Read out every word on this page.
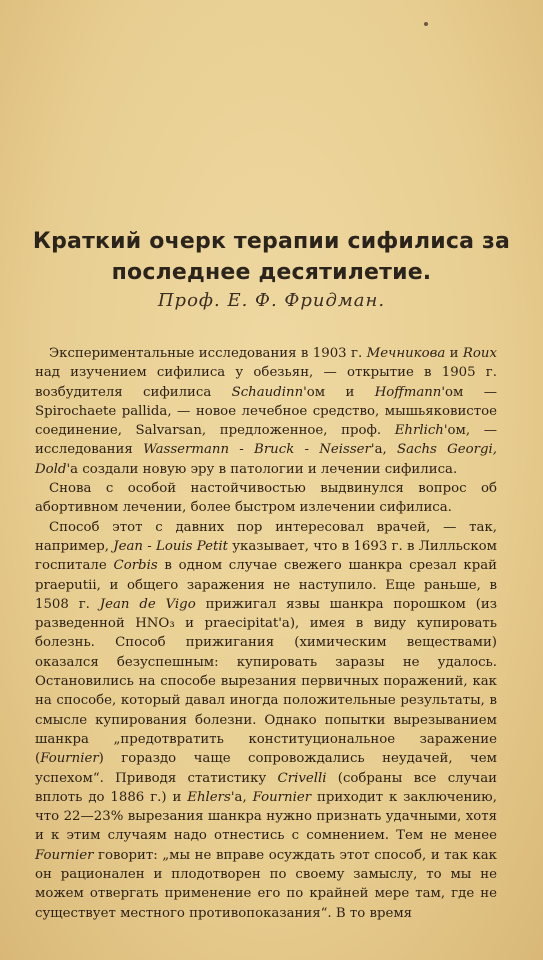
Краткий очерк терапии сифилиса за последнее десятилетие.
Проф. Е. Ф. Фридман.

Экспериментальные исследования в 1903 г. Мечникова и Roux над изучением сифилиса у обезьян, — открытие в 1905 г. возбудителя сифилиса Schaudinn'ом и Hoffmann'ом — Spirochaete pallida, — новое лечебное средство, мышьяковистое соединение, Salvarsan, предложенное, проф. Ehrlich'ом, — исследования Wassermann - Bruck - Neisser'а, Sachs Georgi, Dold'а создали новую эру в патологии и лечении сифилиса.

Снова с особой настойчивостью выдвинулся вопрос об абортивном лечении, более быстром излечении сифилиса.

Способ этот с давних пор интересовал врачей, — так, например, Jean - Louis Petit указывает, что в 1693 г. в Лилльском госпитале Corbis в одном случае свежего шанкра срезал край praeputii, и общего заражения не наступило. Еще раньше, в 1508 г. Jean de Vigo прижигал язвы шанкра порошком (из разведенной HNO₃ и praecipitat'a), имея в виду купировать болезнь. Способ прижигания (химическим веществами) оказался безуспешным: купировать заразы не удалось. Остановились на способе вырезания первичных поражений, как на способе, который давал иногда положительные результаты, в смысле купирования болезни. Однако попытки вырезыванием шанкра „предотвратить конституциональное заражение (Fournier) гораздо чаще сопровождались неудачей, чем успехом“. Приводя статистику Crivelli (собраны все случаи вплоть до 1886 г.) и Ehlers'а, Fournier приходит к заключению, что 22—23% вырезания шанкра нужно признать удачными, хотя и к этим случаям надо отнестись с сомнением. Тем не менее Fournier говорит: „мы не вправе осуждать этот способ, и так как он рационален и плодотворен по своему замыслу, то мы не можем отвергать применение его по крайней мере там, где не существует местного противопоказания“. В то время
